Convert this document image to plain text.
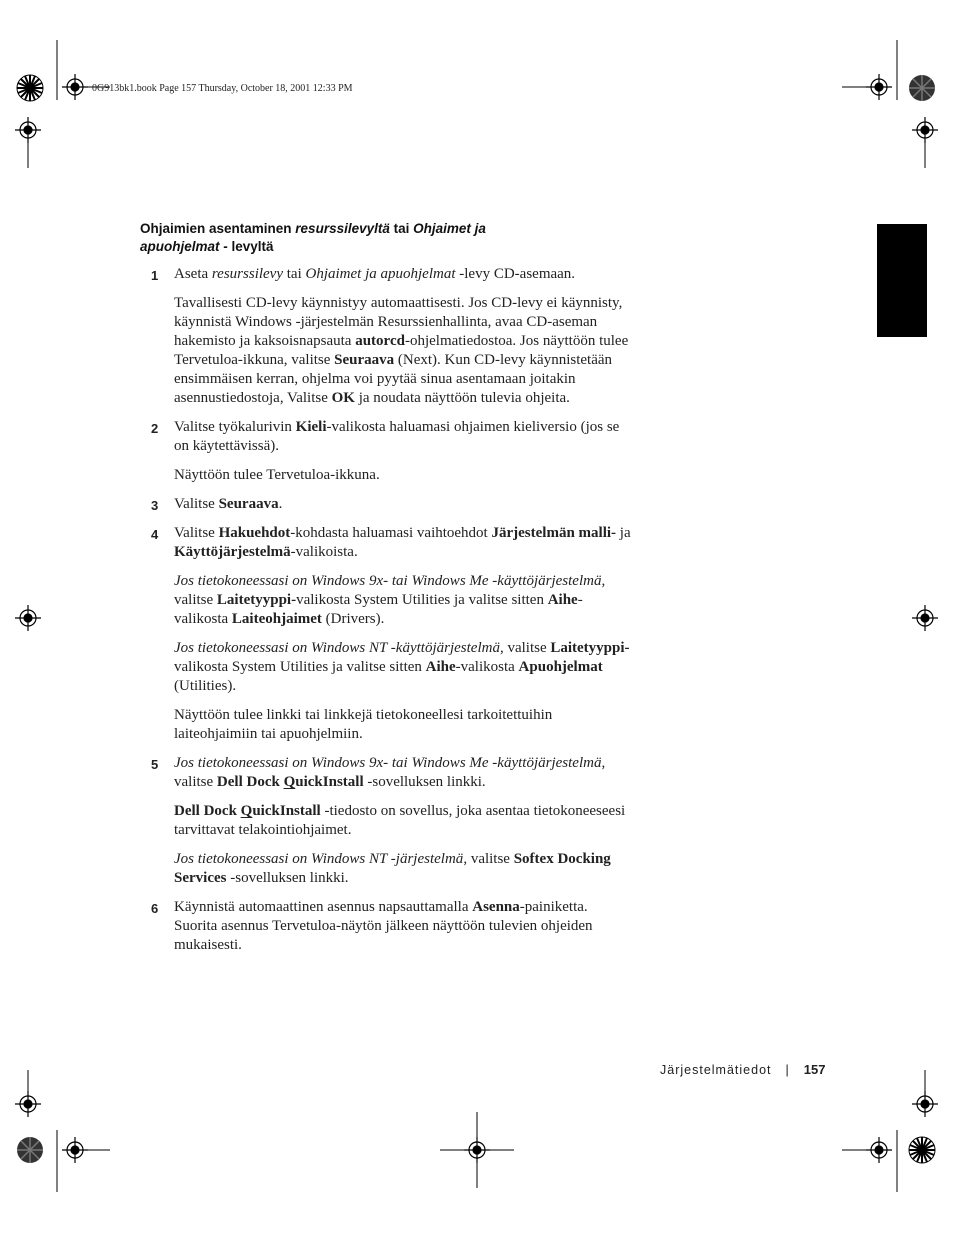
0G913bk1.book Page 157 Thursday, October 18, 2001 12:33 PM
Ohjaimien asentaminen resurssilevyltä tai Ohjaimet ja apuohjelmat - levyltä
1	Aseta resurssilevy tai Ohjaimet ja apuohjelmat -levy CD-asemaan.

Tavallisesti CD-levy käynnistyy automaattisesti. Jos CD-levy ei käynnisty, käynnistä Windows -järjestelmän Resurssienhallinta, avaa CD-aseman hakemisto ja kaksoisnapsauta autorcd-ohjelmatiedostoa. Jos näyttöön tulee Tervetuloa-ikkuna, valitse Seuraava (Next). Kun CD-levy käynnistetään ensimmäisen kerran, ohjelma voi pyytää sinua asentamaan joitakin asennustiedostoja, Valitse OK ja noudata näyttöön tulevia ohjeita.

2	Valitse työkalurivin Kieli-valikosta haluamasi ohjaimen kieliversio (jos se on käytettävissä).

Näyttöön tulee Tervetuloa-ikkuna.

3	Valitse Seuraava.

4	Valitse Hakuehdot-kohdasta haluamasi vaihtoehdot Järjestelmän malli- ja Käyttöjärjestelmä-valikoista.

Jos tietokoneessasi on Windows 9x- tai Windows Me -käyttöjärjestelmä, valitse Laitetyyppi-valikosta System Utilities ja valitse sitten Aihe-valikosta Laiteohjaimet (Drivers).

Jos tietokoneessasi on Windows NT -käyttöjärjestelmä, valitse Laitetyyppi-valikosta System Utilities ja valitse sitten Aihe-valikosta Apuohjelmat (Utilities).

Näyttöön tulee linkki tai linkkejä tietokoneellesi tarkoitettuihin laiteohjaimiin tai apuohjelmiin.

5	Jos tietokoneessasi on Windows 9x- tai Windows Me -käyttöjärjestelmä, valitse Dell Dock QuickInstall -sovelluksen linkki.

Dell Dock QuickInstall -tiedosto on sovellus, joka asentaa tietokoneeseesi tarvittavat telakointiohjaimet.

Jos tietokoneessasi on Windows NT -järjestelmä, valitse Softex Docking Services -sovelluksen linkki.

6	Käynnistä automaattinen asennus napsauttamalla Asenna-painiketta. Suorita asennus Tervetuloa-näytön jälkeen näyttöön tulevien ohjeiden mukaisesti.

Järjestelmätiedot | 157
